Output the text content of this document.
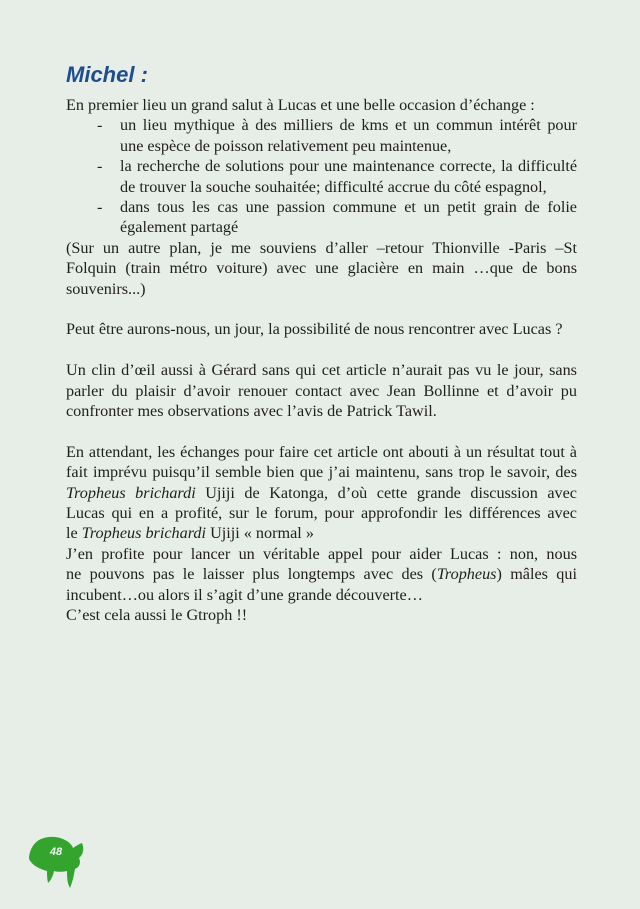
Michel :
En premier lieu un grand salut à Lucas et une belle occasion d’échange :
- un lieu mythique à des milliers de kms et un commun intérêt pour
une espèce de poisson relativement peu maintenue,
- la recherche de solutions pour une maintenance correcte, la difficulté
de trouver la souche souhaitée; difficulté accrue du côté espagnol,
- dans tous les cas une passion commune et un petit grain de folie
également partagé
(Sur un autre plan, je me souviens d’aller –retour Thionville -Paris –St
Folquin (train métro voiture) avec une glacière en main …que de bons
souvenirs...)
Peut être aurons-nous, un jour, la possibilité de nous rencontrer avec Lucas ?
Un clin d’œil aussi à Gérard sans qui cet article n’aurait pas vu le jour, sans
parler du plaisir d’avoir renouer contact avec Jean Bollinne et d’avoir pu
confronter mes observations avec l’avis de Patrick Tawil.
En attendant, les échanges pour faire cet article ont abouti à un résultat tout à
fait imprévu puisqu’il semble bien que j’ai maintenu, sans trop le savoir, des
Tropheus brichardi Ujiji de Katonga, d’où cette grande discussion avec
Lucas qui en a profité, sur le forum, pour approfondir les différences avec
le Tropheus brichardi Ujiji « normal »
J’en profite pour lancer un véritable appel pour aider Lucas : non, nous
ne pouvons pas le laisser plus longtemps avec des (Tropheus) mâles qui
incubent…ou alors il s’agit d’une grande découverte…
C’est cela aussi le Gtroph !!
48
